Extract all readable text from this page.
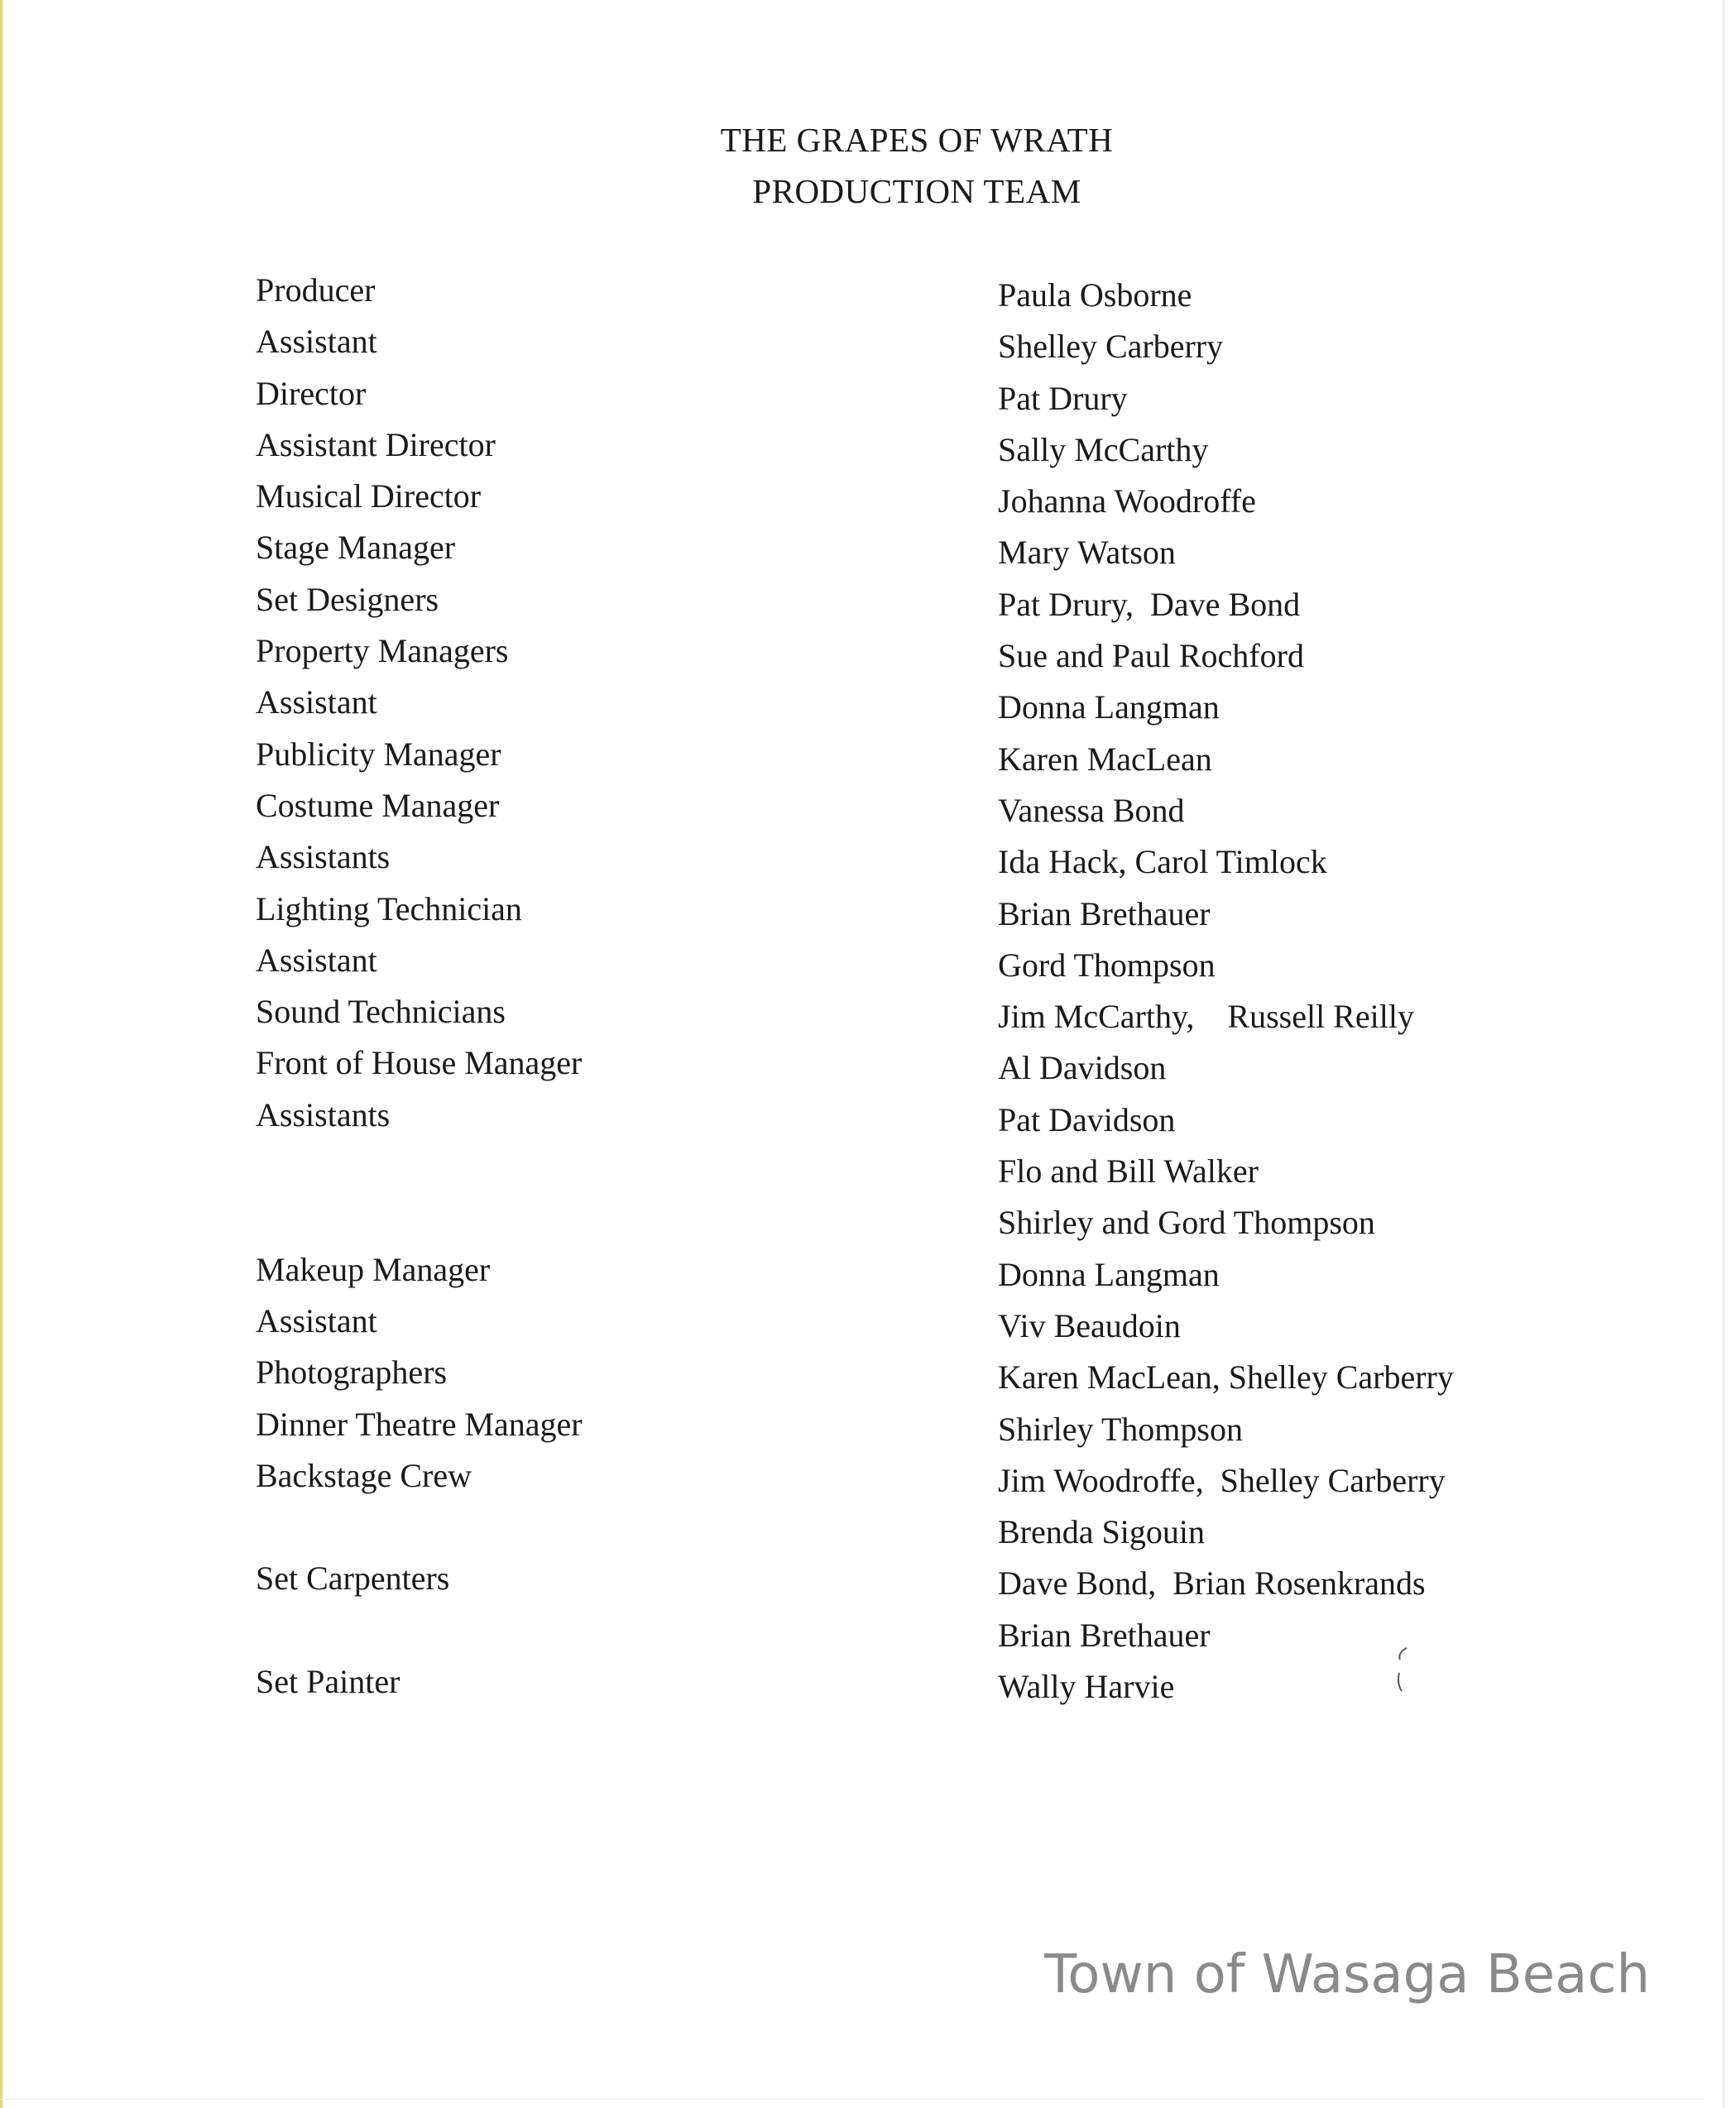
THE GRAPES OF WRATH
PRODUCTION TEAM
Producer
Assistant
Director
Assistant Director
Musical Director
Stage Manager
Set Designers
Property Managers
Assistant
Publicity Manager
Costume Manager
Assistants
Lighting Technician
Assistant
Sound Technicians
Front of House Manager
Assistants
Makeup Manager
Assistant
Photographers
Dinner Theatre Manager
Backstage Crew
Set Carpenters
Set Painter
Paula Osborne
Shelley Carberry
Pat Drury
Sally McCarthy
Johanna Woodroffe
Mary Watson
Pat Drury,  Dave Bond
Sue and Paul Rochford
Donna Langman
Karen MacLean
Vanessa Bond
Ida Hack, Carol Timlock
Brian Brethauer
Gord Thompson
Jim McCarthy,    Russell Reilly
Al Davidson
Pat Davidson
Flo and Bill Walker
Shirley and Gord Thompson
Donna Langman
Viv Beaudoin
Karen MacLean, Shelley Carberry
Shirley Thompson
Jim Woodroffe,  Shelley Carberry
Brenda Sigouin
Dave Bond,  Brian Rosenkrands
Brian Brethauer
Wally Harvie
Town of Wasaga Beach
